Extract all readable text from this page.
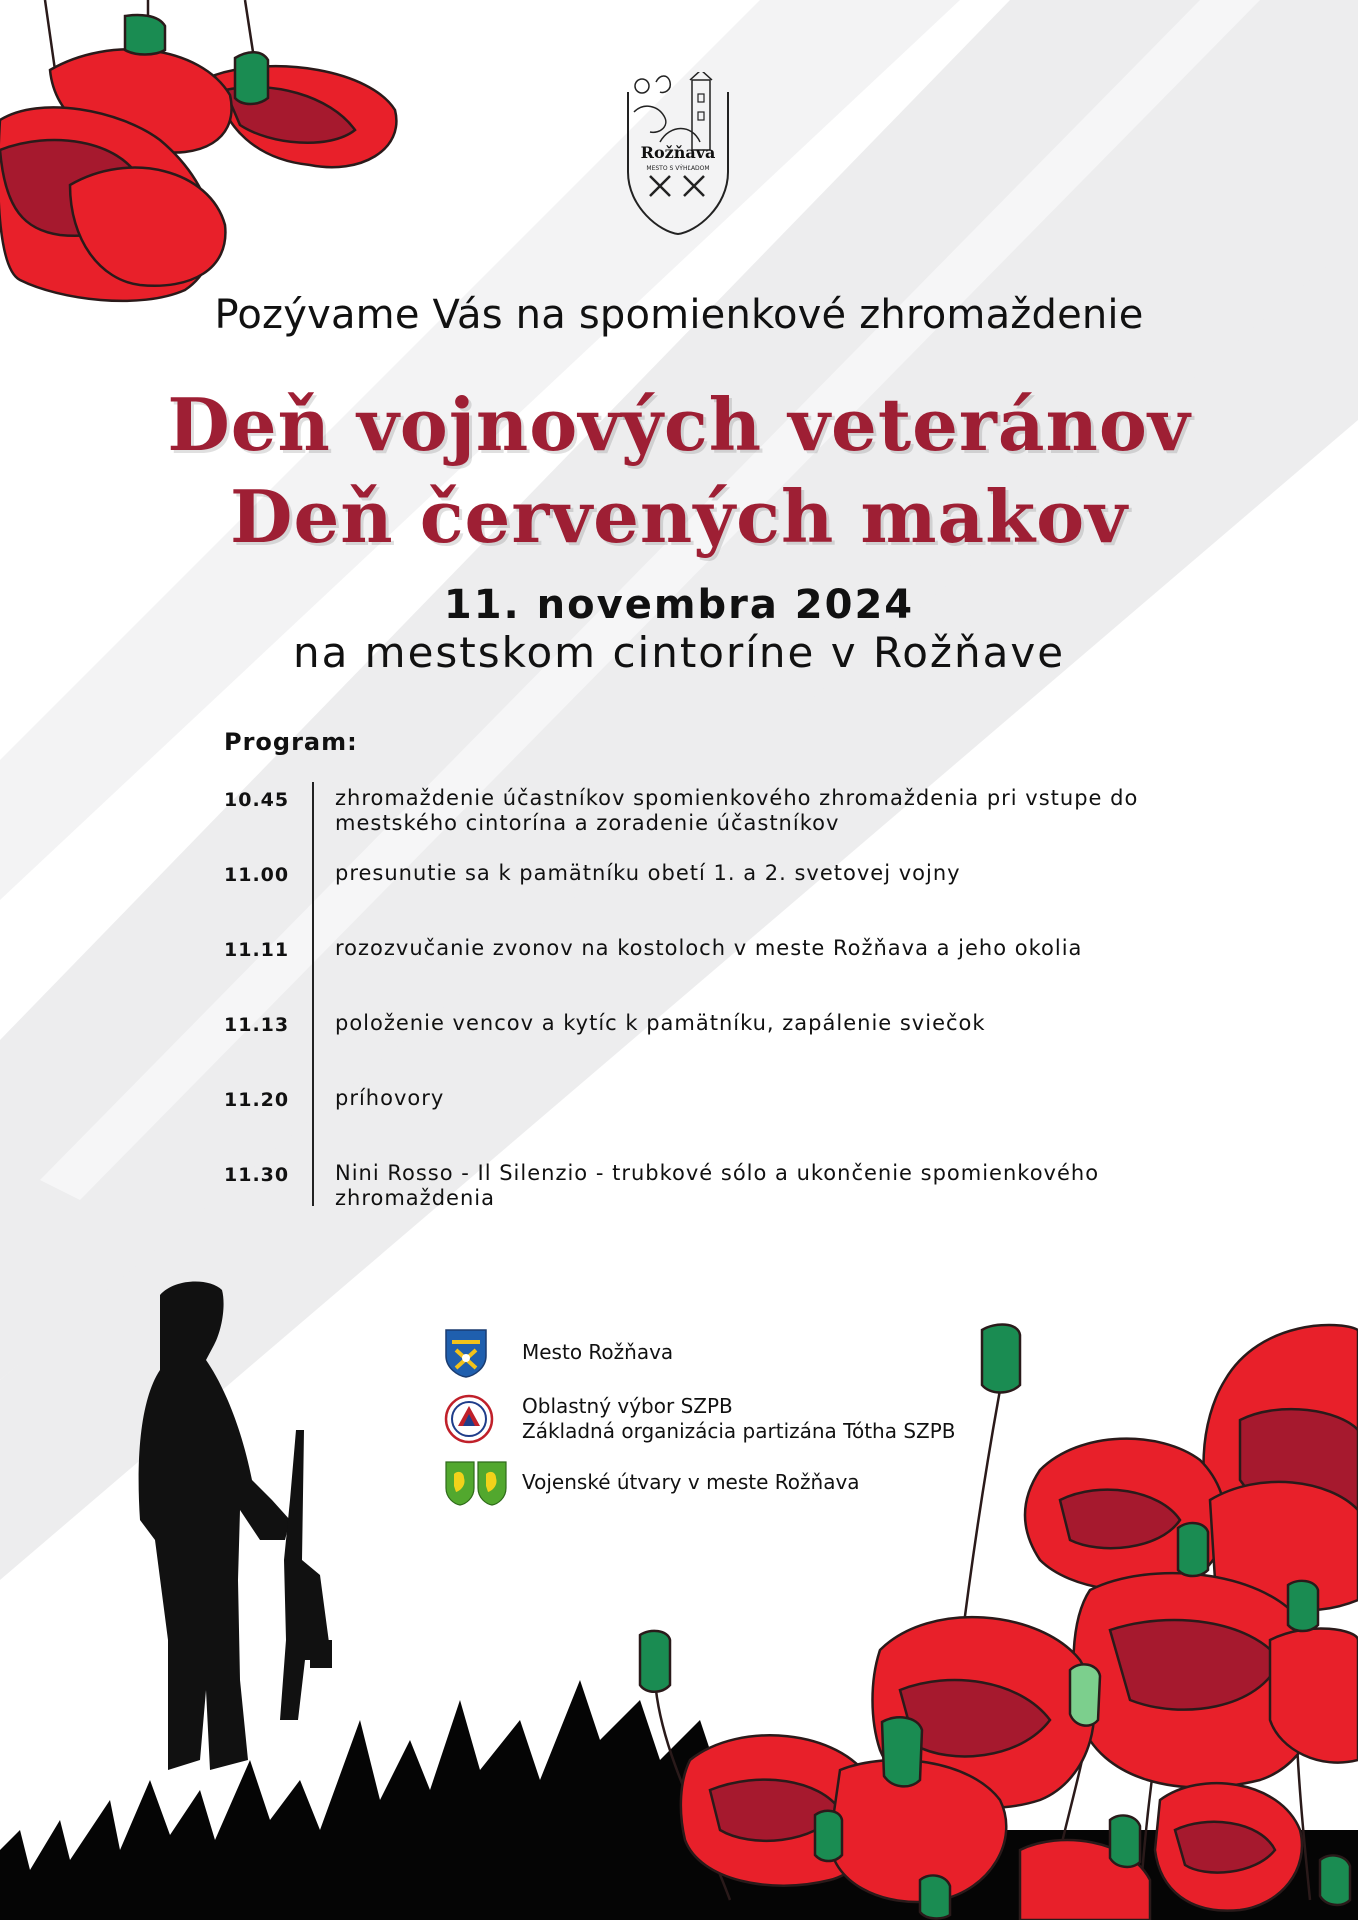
Rožňava
MESTO S VÝHĽADOM
Pozývame Vás na spomienkové zhromaždenie
Deň vojnových veteránov
Deň červených makov
11. novembra 2024
na mestskom cintoríne v Rožňave
Program:
10.45	zhromaždenie účastníkov spomienkového zhromaždenia pri vstupe do mestského cintorína a zoradenie účastníkov
11.00	presunutie sa k pamätníku obetí 1. a 2. svetovej vojny
11.11	rozozvučanie zvonov na kostoloch v meste Rožňava a jeho okolia
11.13	položenie vencov a kytíc k pamätníku, zapálenie sviečok
11.20	príhovory
11.30	Nini Rosso - Il Silenzio - trubkové sólo a ukončenie spomienkového zhromaždenia
Mesto Rožňava
Oblastný výbor SZPB
Základná organizácia partizána Tótha SZPB
Vojenské útvary v meste Rožňava
